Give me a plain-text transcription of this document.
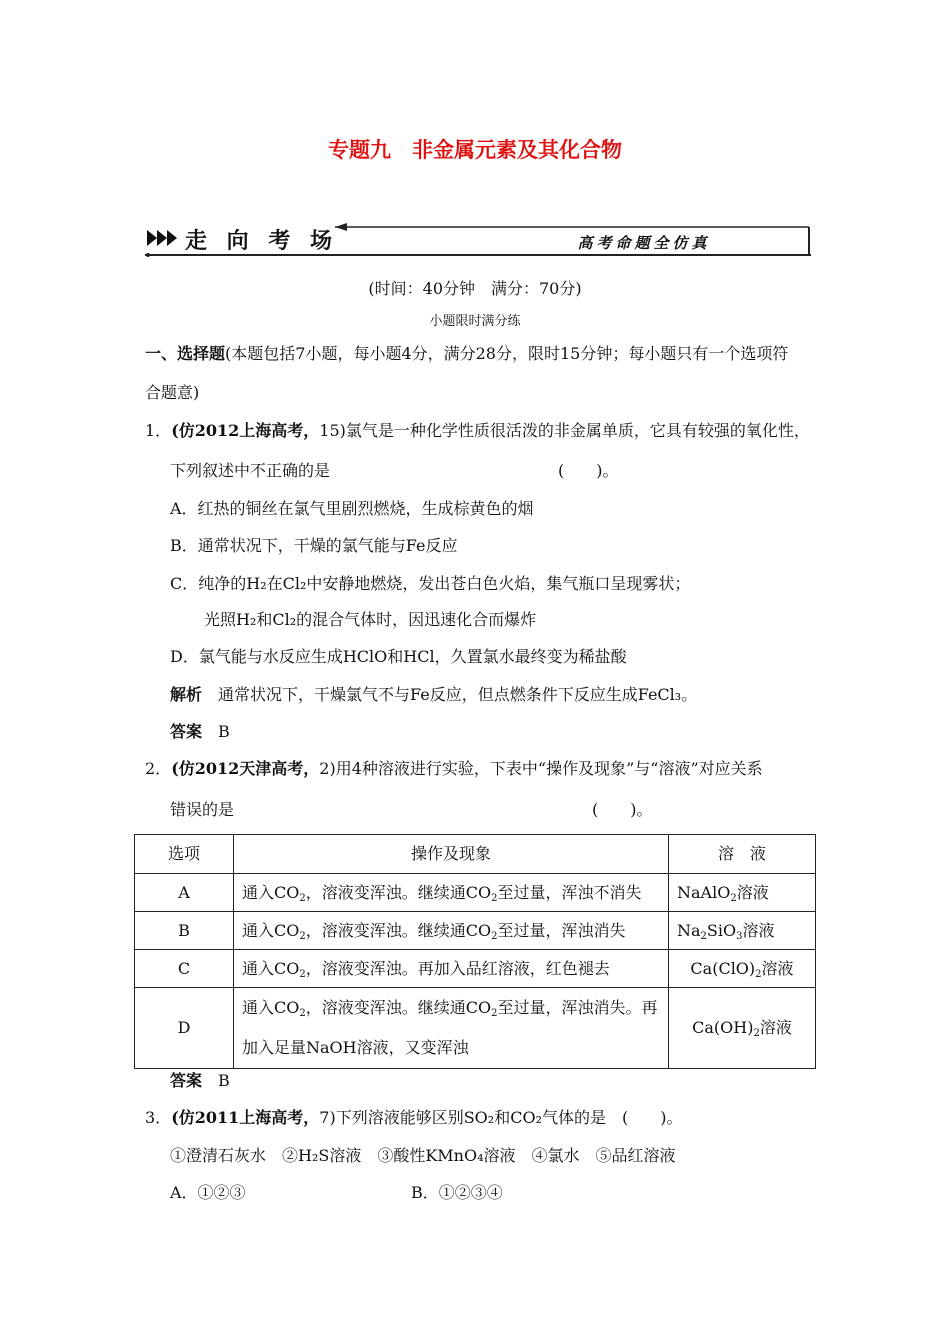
专题九　非金属元素及其化合物
走 向 考 场	高考命题全仿真
(时间：40分钟　满分：70分)
小题限时满分练
一、选择题(本题包括7小题，每小题4分，满分28分，限时15分钟；每小题只有一个选项符
合题意)
1．(仿2012上海高考，15)氯气是一种化学性质很活泼的非金属单质，它具有较强的氧化性，
下列叙述中不正确的是	(　　)。
A．红热的铜丝在氯气里剧烈燃烧，生成棕黄色的烟
B．通常状况下，干燥的氯气能与Fe反应
C．纯净的H₂在Cl₂中安静地燃烧，发出苍白色火焰，集气瓶口呈现雾状；
光照H₂和Cl₂的混合气体时，因迅速化合而爆炸
D．氯气能与水反应生成HClO和HCl，久置氯水最终变为稀盐酸
解析　 通常状况下，干燥氯气不与Fe反应，但点燃条件下反应生成FeCl₃。
答案　 B
2．(仿2012天津高考，2)用4种溶液进行实验，下表中“操作及现象”与“溶液”对应关系
错误的是	(　　)。
选项	操作及现象	溶　液
A	通入$CO_2$，溶液变浑浊。继续通$CO_2$至过量，浑浊不消失	NaAlO$_2$溶液
B	通入$CO_2$，溶液变浑浊。继续通$CO_2$至过量，浑浊消失	$Na_2SiO_3$溶液
C	通入$CO_2$，溶液变浑浊。再加入品红溶液，红色褪去	$Ca(ClO)_2$溶液
D	通入$CO_2$，溶液变浑浊。继续通$CO_2$至过量，浑浊消失。再
加入足量NaOH溶液，又变浑浊	$Ca(OH)_2$溶液
答案　 B
3．(仿2011上海高考，7)下列溶液能够区别SO₂和CO₂气体的是　(　　)。
①澄清石灰水　②H₂S溶液　③酸性KMnO₄溶液　④氯水　⑤品红溶液
A．①②③	B．①②③④
